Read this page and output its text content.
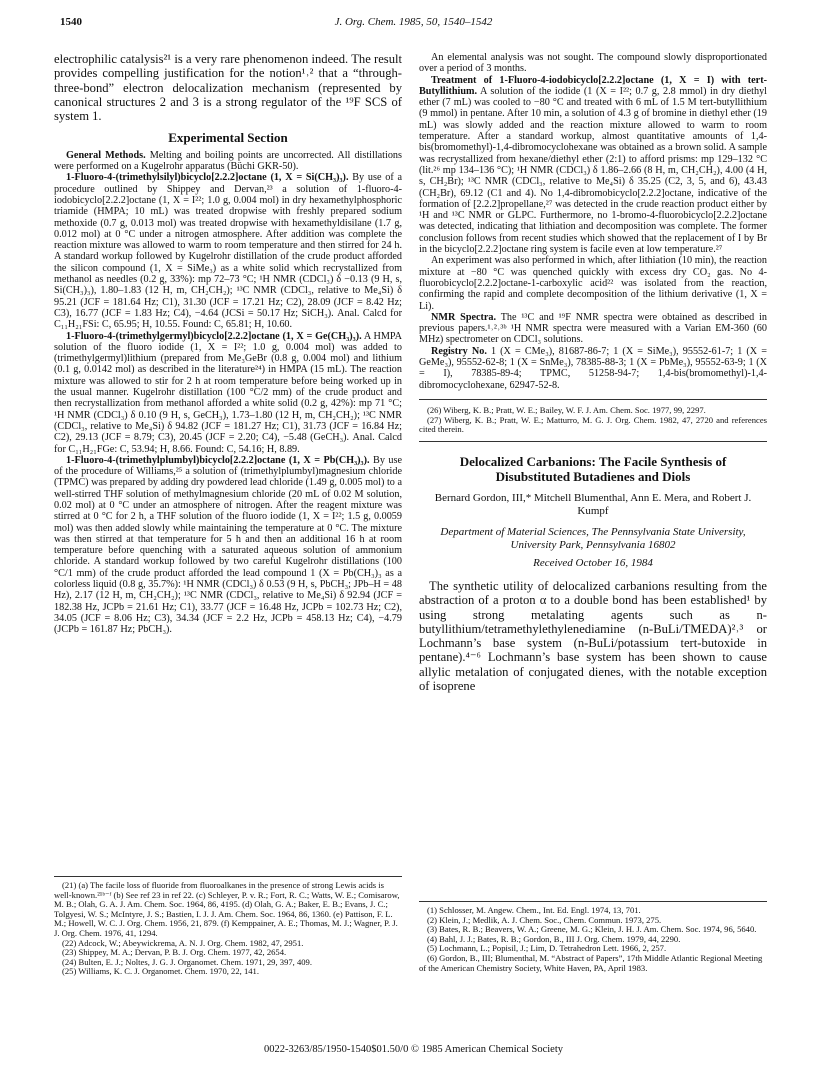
1540	J. Org. Chem. 1985, 50, 1540–1542

electrophilic catalysis²¹ is a very rare phenomenon indeed. The result provides compelling justification for the notion¹˒² that a “through-three-bond” electron delocalization mechanism (represented by canonical structures 2 and 3 is a strong regulator of the ¹⁹F SCS of system 1.

Experimental Section

General Methods. Melting and boiling points are uncorrected. All distillations were performed on a Kugelrohr apparatus (Büchi GKR-50).

1-Fluoro-4-(trimethylsilyl)bicyclo[2.2.2]octane (1, X = Si(CH₃)₃). By use of a procedure outlined by Shippey and Dervan,²³ a solution of 1-fluoro-4-iodobicyclo[2.2.2]octane (1, X = I²²; 1.0 g, 0.004 mol) in dry hexamethylphosphoric triamide (HMPA; 10 mL) was treated dropwise with freshly prepared sodium methoxide (0.7 g, 0.013 mol) was treated dropwise with hexamethyldisilane (1.7 g, 0.012 mol) at 0 °C under a nitrogen atmosphere. After addition was complete the reaction mixture was allowed to warm to room temperature and then stirred for 24 h. A standard workup followed by Kugelrohr distillation of the crude product afforded the silicon compound (1, X = SiMe₃) as a white solid which recrystallized from methanol as needles (0.2 g, 33%): mp 72–73 °C; ¹H NMR (CDCl₃) δ −0.13 (9 H, s, Si(CH₃)₃), 1.80–1.83 (12 H, m, CH₂CH₂); ¹³C NMR (CDCl₃, relative to Me₄Si) δ 95.21 (JCF = 181.64 Hz; C1), 31.30 (JCF = 17.21 Hz; C2), 28.09 (JCF = 8.42 Hz; C3), 16.77 (JCF = 1.83 Hz; C4), −4.64 (JCSi = 50.17 Hz; SiCH₃). Anal. Calcd for C₁₁H₂₁FSi: C, 65.95; H, 10.55. Found: C, 65.81; H, 10.60.

1-Fluoro-4-(trimethylgermyl)bicyclo[2.2.2]octane (1, X = Ge(CH₃)₃). A HMPA solution of the fluoro iodide (1, X = I²²; 1.0 g, 0.004 mol) was added to (trimethylgermyl)lithium (prepared from Me₃GeBr (0.8 g, 0.004 mol) and lithium (0.1 g, 0.0142 mol) as described in the literature²⁴) in HMPA (15 mL). The reaction mixture was allowed to stir for 2 h at room temperature before being worked up in the usual manner. Kugelrohr distillation (100 °C/2 mm) of the crude product and then recrystallization from methanol afforded a white solid (0.2 g, 42%): mp 71 °C; ¹H NMR (CDCl₃) δ 0.10 (9 H, s, GeCH₃), 1.73–1.80 (12 H, m, CH₂CH₂); ¹³C NMR (CDCl₃, relative to Me₄Si) δ 94.82 (JCF = 181.27 Hz; C1), 31.73 (JCF = 16.84 Hz; C2), 29.13 (JCF = 8.79; C3), 20.45 (JCF = 2.20; C4), −5.48 (GeCH₃). Anal. Calcd for C₁₁H₂₁FGe: C, 53.94; H, 8.66. Found: C, 54.16; H, 8.89.

1-Fluoro-4-(trimethylplumbyl)bicyclo[2.2.2]octane (1, X = Pb(CH₃)₃). By use of the procedure of Williams,²⁵ a solution of (trimethylplumbyl)magnesium chloride (TPMC) was prepared by adding dry powdered lead chloride (1.49 g, 0.005 mol) to a well-stirred THF solution of methylmagnesium chloride (20 mL of 0.02 M solution, 0.02 mol) at 0 °C under an atmosphere of nitrogen. After the reagent mixture was stirred at 0 °C for 2 h, a THF solution of the fluoro iodide (1, X = I²²; 1.5 g, 0.0059 mol) was then added slowly while maintaining the temperature at 0 °C. The mixture was then stirred at that temperature for 5 h and then an additional 16 h at room temperature before quenching with a saturated aqueous solution of ammonium chloride. A standard workup followed by two careful Kugelrohr distillations (100 °C/1 mm) of the crude product afforded the lead compound 1 (X = Pb(CH₃)₃ as a colorless liquid (0.8 g, 35.7%): ¹H NMR (CDCl₃) δ 0.53 (9 H, s, PbCH₃; JPb–H = 48 Hz), 2.17 (12 H, m, CH₂CH₂); ¹³C NMR (CDCl₃, relative to Me₄Si) δ 92.94 (JCF = 182.38 Hz, JCPb = 21.61 Hz; C1), 33.77 (JCF = 16.48 Hz, JCPb = 102.73 Hz; C2), 34.05 (JCF = 8.06 Hz; C3), 34.34 (JCF = 2.2 Hz, JCPb = 458.13 Hz; C4), −4.79 (JCPb = 161.87 Hz; PbCH₃).

(21) (a) The facile loss of fluoride from fluoroalkanes in the presence of strong Lewis acids is well-known.²¹ᵇ⁻ᶠ (b) See ref 23 in ref 22. (c) Schleyer, P. v. R.; Fort, R. C.; Watts, W. E.; Comisarow, M. B.; Olah, G. A. J. Am. Chem. Soc. 1964, 86, 4195. (d) Olah, G. A.; Baker, E. B.; Evans, J. C.; Tolgyesi, W. S.; McIntyre, J. S.; Bastien, I. J. J. Am. Chem. Soc. 1964, 86, 1360. (e) Pattison, F. L. M.; Howell, W. C. J. Org. Chem. 1956, 21, 879. (f) Kemppainer, A. E.; Thomas, M. J.; Wagner, P. J. J. Org. Chem. 1976, 41, 1294.

(22) Adcock, W.; Abeywickrema, A. N. J. Org. Chem. 1982, 47, 2951.

(23) Shippey, M. A.; Dervan, P. B. J. Org. Chem. 1977, 42, 2654.

(24) Bulten, E. J.; Noltes, J. G. J. Organomet. Chem. 1971, 29, 397, 409.

(25) Williams, K. C. J. Organomet. Chem. 1970, 22, 141.

An elemental analysis was not sought. The compound slowly disproportionated over a period of 3 months.

Treatment of 1-Fluoro-4-iodobicyclo[2.2.2]octane (1, X = I) with tert-Butyllithium. A solution of the iodide (1 (X = I²²; 0.7 g, 2.8 mmol) in dry diethyl ether (7 mL) was cooled to −80 °C and treated with 6 mL of 1.5 M tert-butyllithium (9 mmol) in pentane. After 10 min, a solution of 4.3 g of bromine in diethyl ether (19 mL) was slowly added and the reaction mixture allowed to warm to room temperature. After a standard workup, almost quantitative amounts of 1,4-bis(bromomethyl)-1,4-dibromocyclohexane was obtained as a brown solid. A sample was recrystallized from hexane/diethyl ether (2:1) to afford prisms: mp 129–132 °C (lit.²⁶ mp 134–136 °C); ¹H NMR (CDCl₃) δ 1.86–2.66 (8 H, m, CH₂CH₂), 4.00 (4 H, s, CH₂Br); ¹³C NMR (CDCl₃, relative to Me₄Si) δ 35.25 (C2, 3, 5, and 6), 43.43 (CH₂Br), 69.12 (C1 and 4). No 1,4-dibromobicyclo[2.2.2]octane, indicative of the formation of [2.2.2]propellane,²⁷ was detected in the crude reaction product either by ¹H and ¹³C NMR or GLPC. Furthermore, no 1-bromo-4-fluorobicyclo[2.2.2]octane was detected, indicating that lithiation and decomposition was complete. The former conclusion follows from recent studies which showed that the replacement of I by Br in the bicyclo[2.2.2]octane ring system is facile even at low temperature.²⁷

An experiment was also performed in which, after lithiation (10 min), the reaction mixture at −80 °C was quenched quickly with excess dry CO₂ gas. No 4-fluorobicyclo[2.2.2]octane-1-carboxylic acid²² was isolated from the reaction, confirming the rapid and complete decomposition of the lithium derivative (1, X = Li).

NMR Spectra. The ¹³C and ¹⁹F NMR spectra were obtained as described in previous papers.¹˒²˒³ᵇ ¹H NMR spectra were measured with a Varian EM-360 (60 MHz) spectrometer on CDCl₃ solutions.

Registry No. 1 (X = CMe₃), 81687-86-7; 1 (X = SiMe₃), 95552-61-7; 1 (X = GeMe₃), 95552-62-8; 1 (X = SnMe₃), 78385-88-3; 1 (X = PbMe₃), 95552-63-9; 1 (X = I), 78385-89-4; TPMC, 51258-94-7; 1,4-bis(bromomethyl)-1,4-dibromocyclohexane, 62947-52-8.

(26) Wiberg, K. B.; Pratt, W. E.; Bailey, W. F. J. Am. Chem. Soc. 1977, 99, 2297.

(27) Wiberg, K. B.; Pratt, W. E.; Matturro, M. G. J. Org. Chem. 1982, 47, 2720 and references cited therein.

Delocalized Carbanions: The Facile Synthesis of Disubstituted Butadienes and Diols
Bernard Gordon, III,* Mitchell Blumenthal, Ann E. Mera, and Robert J. Kumpf
Department of Material Sciences, The Pennsylvania State University, University Park, Pennsylvania 16802
Received October 16, 1984

The synthetic utility of delocalized carbanions resulting from the abstraction of a proton α to a double bond has been established¹ by using strong metalating agents such as n-butyllithium/tetramethylethylenediamine (n-BuLi/TMEDA)²˒³ or Lochmann’s base system (n-BuLi/potassium tert-butoxide in pentane).⁴⁻⁶ Lochmann’s base system has been shown to cause allylic metalation of conjugated dienes, with the notable exception of isoprene

(1) Schlosser, M. Angew. Chem., Int. Ed. Engl. 1974, 13, 701.

(2) Klein, J.; Medlik, A. J. Chem. Soc., Chem. Commun. 1973, 275.

(3) Bates, R. B.; Beavers, W. A.; Greene, M. G.; Klein, J. H. J. Am. Chem. Soc. 1974, 96, 5640.

(4) Bahl, J. J.; Bates, R. B.; Gordon, B., III J. Org. Chem. 1979, 44, 2290.

(5) Lochmann, L.; Popisil, J.; Lim, D. Tetrahedron Lett. 1966, 2, 257.

(6) Gordon, B., III; Blumenthal, M. “Abstract of Papers”, 17th Middle Atlantic Regional Meeting of the American Chemistry Society, White Haven, PA, April 1983.

0022-3263/85/1950-1540$01.50/0 © 1985 American Chemical Society
